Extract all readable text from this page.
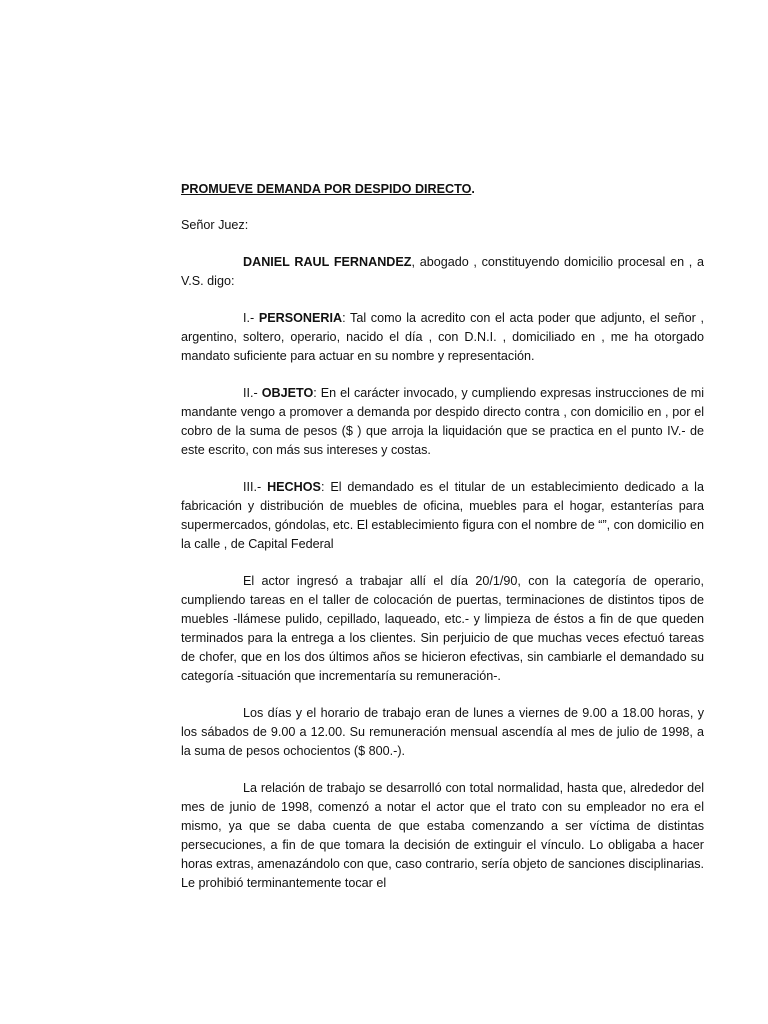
PROMUEVE DEMANDA POR DESPIDO DIRECTO.

Señor Juez:

DANIEL RAUL FERNANDEZ, abogado , constituyendo domicilio procesal en , a V.S. digo:

I.- PERSONERIA: Tal como la acredito con el acta poder que adjunto, el señor , argentino, soltero, operario, nacido el día , con D.N.I. , domiciliado en , me ha otorgado mandato suficiente para actuar en su nombre y representación.

II.- OBJETO: En el carácter invocado, y cumpliendo expresas instrucciones de mi mandante vengo a promover a demanda por despido directo contra , con domicilio en , por el cobro de la suma de pesos ($ ) que arroja la liquidación que se practica en el punto IV.- de este escrito, con más sus intereses y costas.

III.- HECHOS: El demandado es el titular de un establecimiento dedicado a la fabricación y distribución de muebles de oficina, muebles para el hogar, estanterías para supermercados, góndolas, etc. El establecimiento figura con el nombre de “”, con domicilio en la calle , de Capital Federal

El actor ingresó a trabajar allí el día 20/1/90, con la categoría de operario, cumpliendo tareas en el taller de colocación de puertas, terminaciones de distintos tipos de muebles -llámese pulido, cepillado, laqueado, etc.- y limpieza de éstos a fin de que queden terminados para la entrega a los clientes. Sin perjuicio de que muchas veces efectuó tareas de chofer, que en los dos últimos años se hicieron efectivas, sin cambiarle el demandado su categoría -situación que incrementaría su remuneración-.

Los días y el horario de trabajo eran de lunes a viernes de 9.00 a 18.00 horas, y los sábados de 9.00 a 12.00. Su remuneración mensual ascendía al mes de julio de 1998, a la suma de pesos ochocientos ($ 800.-).

La relación de trabajo se desarrolló con total normalidad, hasta que, alrededor del mes de junio de 1998, comenzó a notar el actor que el trato con su empleador no era el mismo, ya que se daba cuenta de que estaba comenzando a ser víctima de distintas persecuciones, a fin de que tomara la decisión de extinguir el vínculo. Lo obligaba a hacer horas extras, amenazándolo con que, caso contrario, sería objeto de sanciones disciplinarias. Le prohibió terminantemente tocar el
